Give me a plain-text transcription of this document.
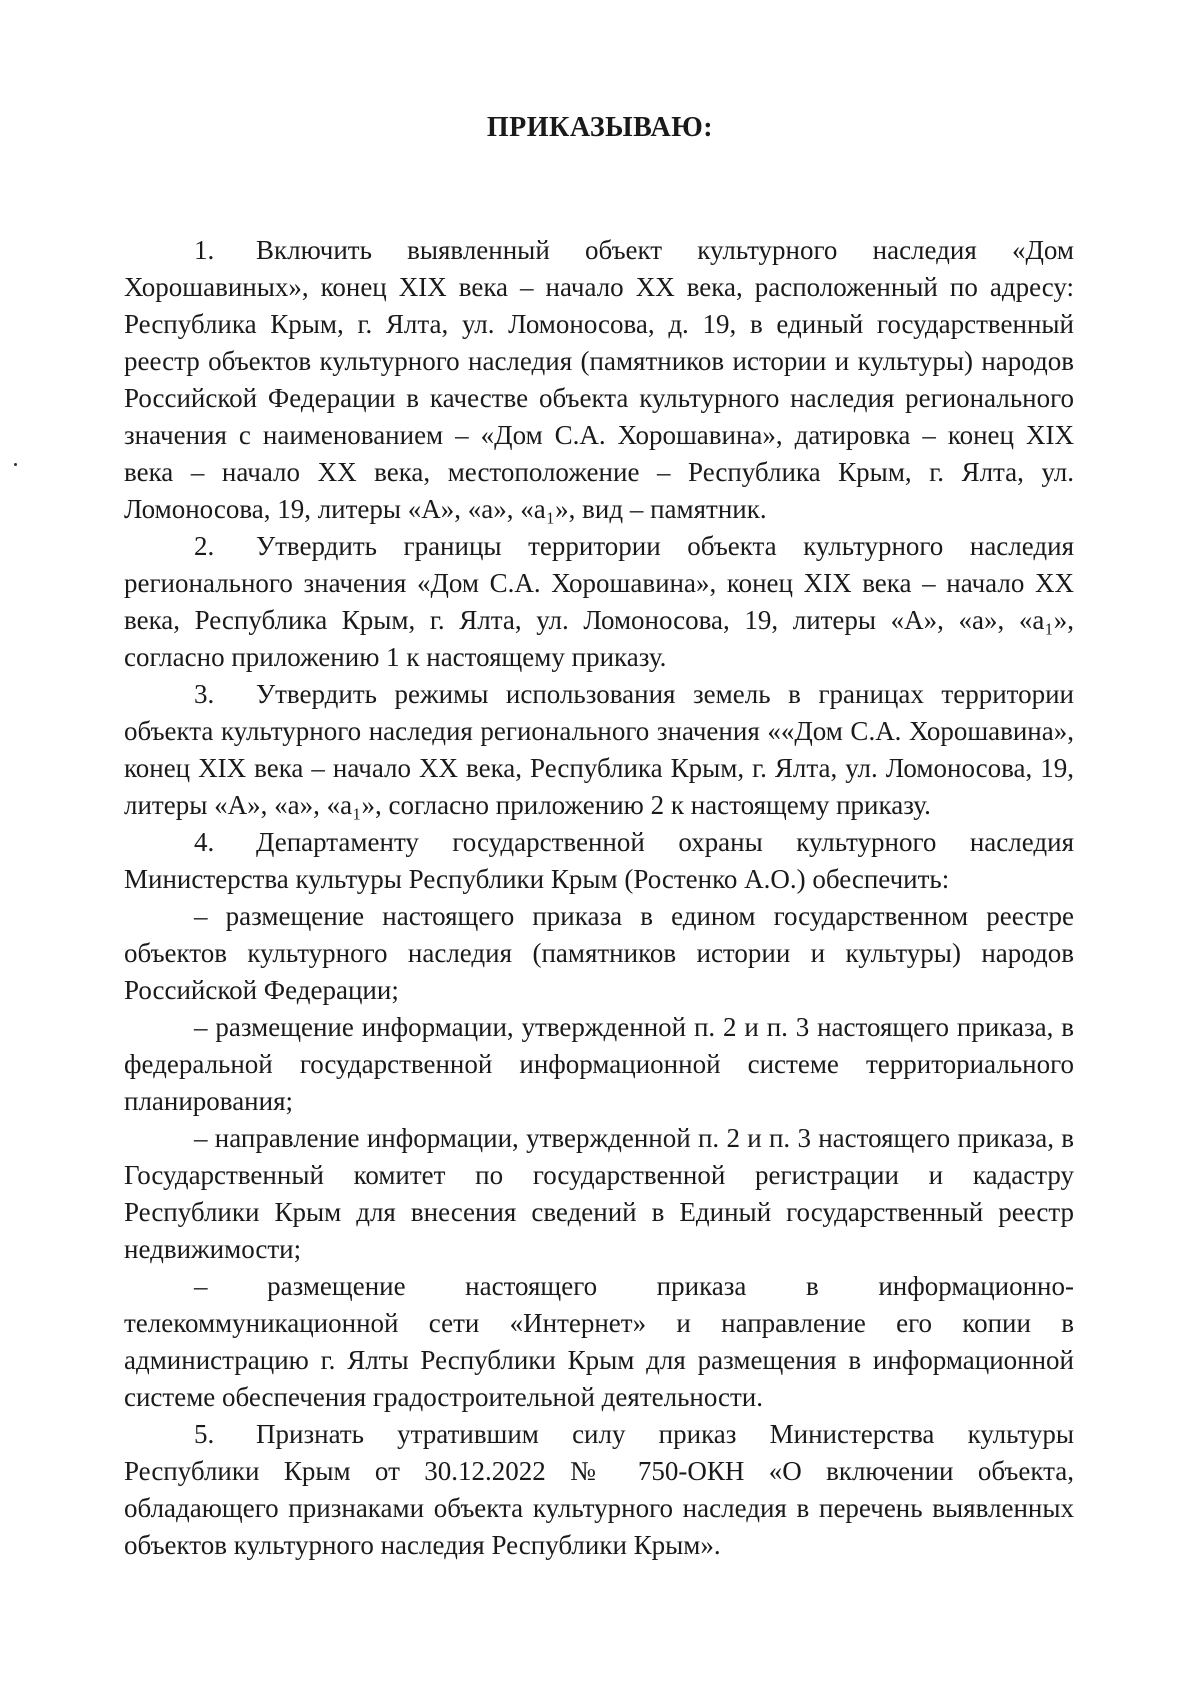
ПРИКАЗЫВАЮ:

1. Включить выявленный объект культурного наследия «Дом Хорошавиных», конец XIX века – начало XX века, расположенный по адресу: Республика Крым, г. Ялта, ул. Ломоносова, д. 19, в единый государственный реестр объектов культурного наследия (памятников истории и культуры) народов Российской Федерации в качестве объекта культурного наследия регионального значения с наименованием – «Дом С.А. Хорошавина», датировка – конец XIX века – начало XX века, местоположение – Республика Крым, г. Ялта, ул. Ломоносова, 19, литеры «А», «а», «а₁», вид – памятник.

2. Утвердить границы территории объекта культурного наследия регионального значения «Дом С.А. Хорошавина», конец XIX века – начало XX века, Республика Крым, г. Ялта, ул. Ломоносова, 19, литеры «А», «а», «а₁», согласно приложению 1 к настоящему приказу.

3. Утвердить режимы использования земель в границах территории объекта культурного наследия регионального значения ««Дом С.А. Хорошавина», конец XIX века – начало XX века, Республика Крым, г. Ялта, ул. Ломоносова, 19, литеры «А», «а», «а₁», согласно приложению 2 к настоящему приказу.

4. Департаменту государственной охраны культурного наследия Министерства культуры Республики Крым (Ростенко А.О.) обеспечить:

– размещение настоящего приказа в едином государственном реестре объектов культурного наследия (памятников истории и культуры) народов Российской Федерации;

– размещение информации, утвержденной п. 2 и п. 3 настоящего приказа, в федеральной государственной информационной системе территориального планирования;

– направление информации, утвержденной п. 2 и п. 3 настоящего приказа, в Государственный комитет по государственной регистрации и кадастру Республики Крым для внесения сведений в Единый государственный реестр недвижимости;

– размещение настоящего приказа в информационно-телекоммуникационной сети «Интернет» и направление его копии в администрацию г. Ялты Республики Крым для размещения в информационной системе обеспечения градостроительной деятельности.

5. Признать утратившим силу приказ Министерства культуры Республики Крым от 30.12.2022 № 750-ОКН «О включении объекта, обладающего признаками объекта культурного наследия в перечень выявленных объектов культурного наследия Республики Крым».
